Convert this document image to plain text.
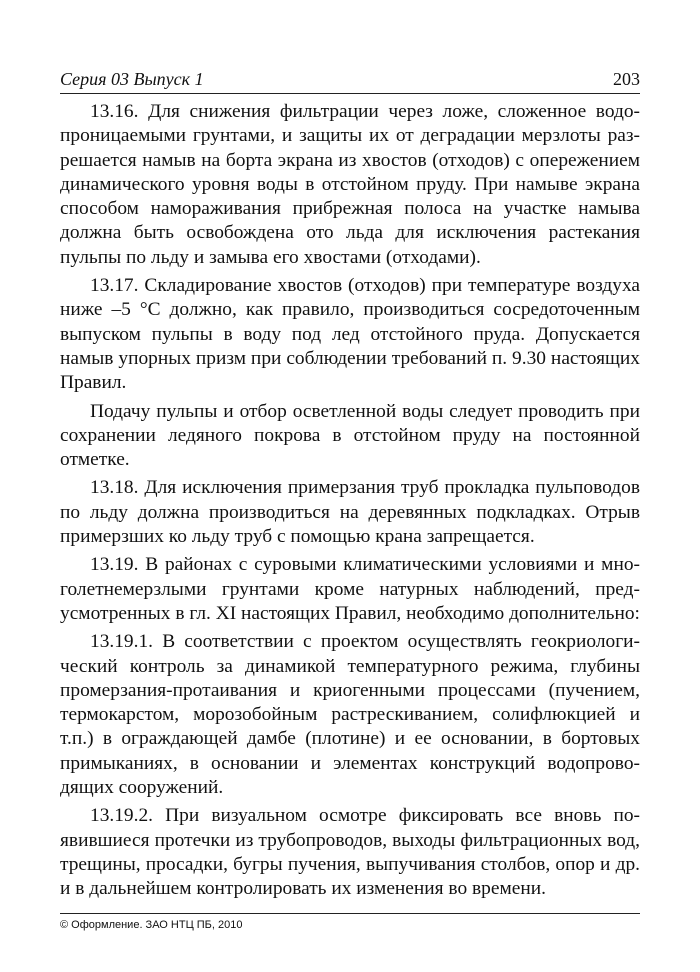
Серия 03 Выпуск 1	203

13.16. Для снижения фильтрации через ложе, сложенное водопроницаемыми грунтами, и защиты их от деградации мерзлоты разрешается намыв на борта экрана из хвостов (отходов) с опережением динамического уровня воды в отстойном пруду. При намыве экрана способом намораживания прибрежная полоса на участке намыва должна быть освобождена ото льда для исключения растекания пульпы по льду и замыва его хвостами (отходами).

13.17. Складирование хвостов (отходов) при температуре воздуха ниже –5 °С должно, как правило, производиться сосредоточенным выпуском пульпы в воду под лед отстойного пруда. Допускается намыв упорных призм при соблюдении требований п. 9.30 настоящих Правил.

Подачу пульпы и отбор осветленной воды следует проводить при сохранении ледяного покрова в отстойном пруду на постоянной отметке.

13.18. Для исключения примерзания труб прокладка пульповодов по льду должна производиться на деревянных подкладках. Отрыв примерзших ко льду труб с помощью крана запрещается.

13.19. В районах с суровыми климатическими условиями и многолетнемерзлыми грунтами кроме натурных наблюдений, предусмотренных в гл. XI настоящих Правил, необходимо дополнительно:

13.19.1. В соответствии с проектом осуществлять геокриологический контроль за динамикой температурного режима, глубины промерзания-протаивания и криогенными процессами (пучением, термокарстом, морозобойным растрескиванием, солифлюкцией и т.п.) в ограждающей дамбе (плотине) и ее основании, в бортовых примыканиях, в основании и элементах конструкций водопроводящих сооружений.

13.19.2. При визуальном осмотре фиксировать все вновь появившиеся протечки из трубопроводов, выходы фильтрационных вод, трещины, просадки, бугры пучения, выпучивания столбов, опор и др. и в дальнейшем контролировать их изменения во времени.

© Оформление. ЗАО НТЦ ПБ, 2010
